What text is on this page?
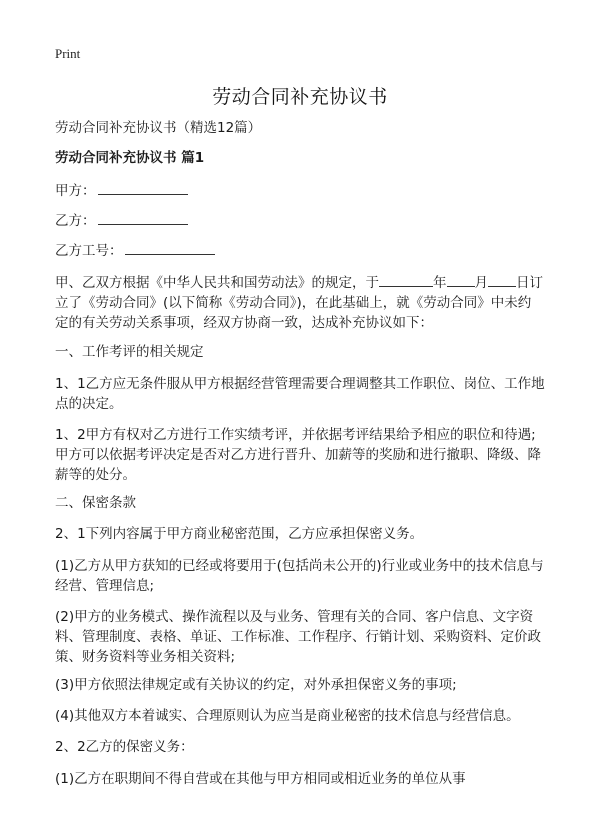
Print
劳动合同补充协议书
劳动合同补充协议书（精选12篇）
劳动合同补充协议书 篇1
甲方：
乙方：
乙方工号：
甲、乙双方根据《中华人民共和国劳动法》的规定，于	年 月 日订
立了《劳动合同》(以下简称《劳动合同》)，在此基础上，就《劳动合同》中未约
定的有关劳动关系事项，经双方协商一致，达成补充协议如下：
一、工作考评的相关规定
1、1乙方应无条件服从甲方根据经营管理需要合理调整其工作职位、岗位、工作地
点的决定。
1、2甲方有权对乙方进行工作实绩考评，并依据考评结果给予相应的职位和待遇;
甲方可以依据考评决定是否对乙方进行晋升、加薪等的奖励和进行撤职、降级、降
薪等的处分。
二、保密条款
2、1下列内容属于甲方商业秘密范围，乙方应承担保密义务。
(1)乙方从甲方获知的已经或将要用于(包括尚未公开的)行业或业务中的技术信息与
经营、管理信息;
(2)甲方的业务模式、操作流程以及与业务、管理有关的合同、客户信息、文字资
料、管理制度、表格、单证、工作标准、工作程序、行销计划、采购资料、定价政
策、财务资料等业务相关资料;
(3)甲方依照法律规定或有关协议的约定，对外承担保密义务的事项;
(4)其他双方本着诚实、合理原则认为应当是商业秘密的技术信息与经营信息。
2、2乙方的保密义务：
(1)乙方在职期间不得自营或在其他与甲方相同或相近业务的单位从事
